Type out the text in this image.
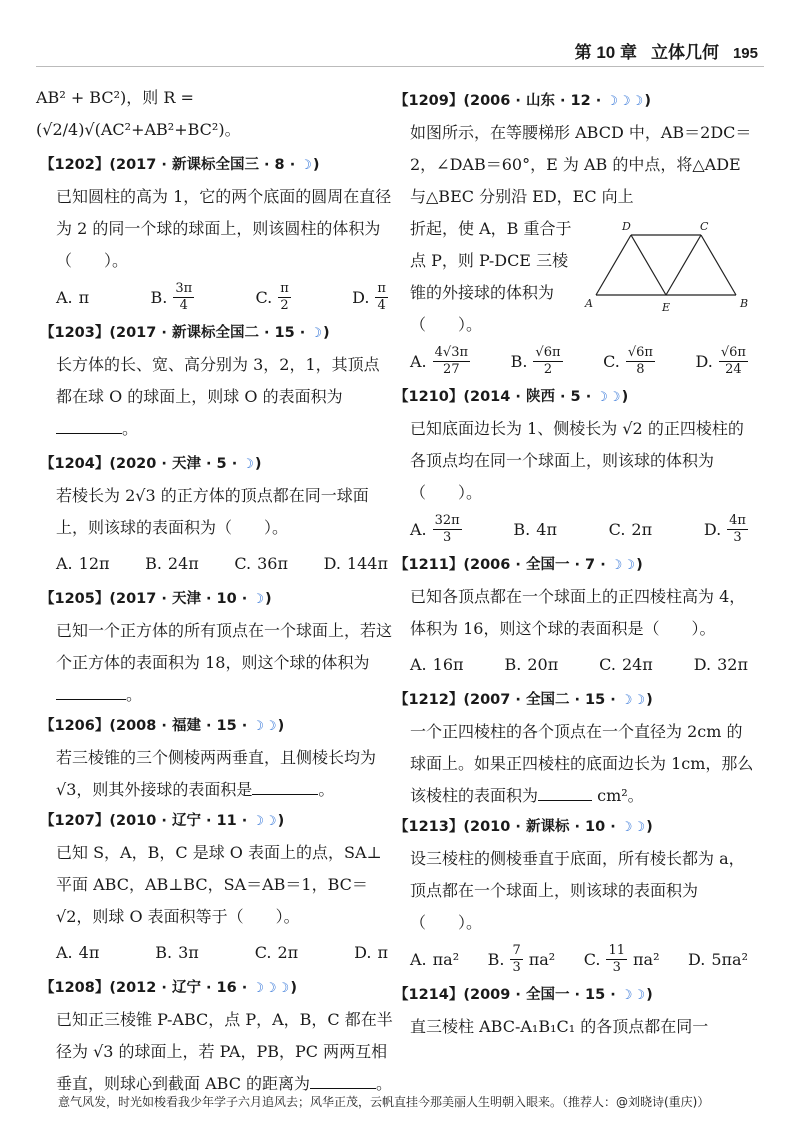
第 10 章 立体几何 195
AB² + BC²)，则 R = (√2/4)√(AC²+AB²+BC²)。
【1202】(2017 · 新课标全国三 · 8 · ☽)
已知圆柱的高为 1，它的两个底面的圆周在直径为 2 的同一个球的球面上，则该圆柱的体积为（　　）。
A. π	B. $\frac{3\pi}{4}$	C. $\frac{\pi}{2}$	D. $\frac{\pi}{4}$
【1203】(2017 · 新课标全国二 · 15 · ☽)
长方体的长、宽、高分别为 3，2，1，其顶点都在球 O 的球面上，则球 O 的表面积为。
【1204】(2020 · 天津 · 5 · ☽)
若棱长为 2√3 的正方体的顶点都在同一球面上，则该球的表面积为（　　）。
A. 12π B. 24π C. 36π D. 144π
【1205】(2017 · 天津 · 10 · ☽)
已知一个正方体的所有顶点在一个球面上，若这个正方体的表面积为 18，则这个球的体积为。
【1206】(2008 · 福建 · 15 · ☽☽)
若三棱锥的三个侧棱两两垂直，且侧棱长均为 √3，则其外接球的表面积是	。
【1207】(2010 · 辽宁 · 11 · ☽☽)
已知 S，A，B，C 是球 O 表面上的点，SA⊥平面 ABC，AB⊥BC，SA＝AB＝1，BC＝√2，则球 O 表面积等于（　　）。
A. 4π	B. 3π	C. 2π	D. π
【1208】(2012 · 辽宁 · 16 · ☽☽☽)
已知正三棱锥 P-ABC，点 P，A，B，C 都在半径为 √3 的球面上，若 PA，PB，PC 两两互相垂直，则球心到截面 ABC 的距离为	。
【1209】(2006 · 山东 · 12 · ☽☽☽)
如图所示，在等腰梯形 ABCD 中，AB＝2DC＝2，∠DAB＝60°，E 为 AB 的中点，将△ADE 与△BEC 分别沿 ED，EC 向上
D	C
A	E	B
折起，使 A，B 重合于点 P，则 P-DCE 三棱锥的外接球的体积为（　　）。
A. $\frac{4√3\pi}{27}$	B. $\frac{√6\pi}{2}$	C. $\frac{√6\pi}{8}$	D. $\frac{√6\pi}{24}$
【1210】(2014 · 陕西 · 5 · ☽☽)
已知底面边长为 1、侧棱长为 √2 的正四棱柱的各顶点均在同一个球面上，则该球的体积为（　　）。
A. $\frac{32\pi}{3}$	B. 4π	C. 2π	D. $\frac{4\pi}{3}$
【1211】(2006 · 全国一 · 7 · ☽☽)
已知各顶点都在一个球面上的正四棱柱高为 4，体积为 16，则这个球的表面积是（　　）。
A. 16π	B. 20π	C. 24π	D. 32π
【1212】(2007 · 全国二 · 15 · ☽☽)
一个正四棱柱的各个顶点在一个直径为 2cm 的球面上。如果正四棱柱的底面边长为 1cm，那么该棱柱的表面积为	cm²。
【1213】(2010 · 新课标 · 10 · ☽☽)
设三棱柱的侧棱垂直于底面，所有棱长都为 a，顶点都在一个球面上，则该球的表面积为（　　）。
A. πa² B. $\frac{7}{3} \pi a^2$ C. $\frac{11}{3} \pi a^2$ D. 5πa²
【1214】(2009 · 全国一 · 15 · ☽☽)
直三棱柱 ABC-A₁B₁C₁ 的各顶点都在同一
意气风发，时光如梭看我少年学子六月追风去；风华正茂，云帆直挂今那美丽人生明朝入眼来。（推荐人：@刘晓诗(重庆)）
